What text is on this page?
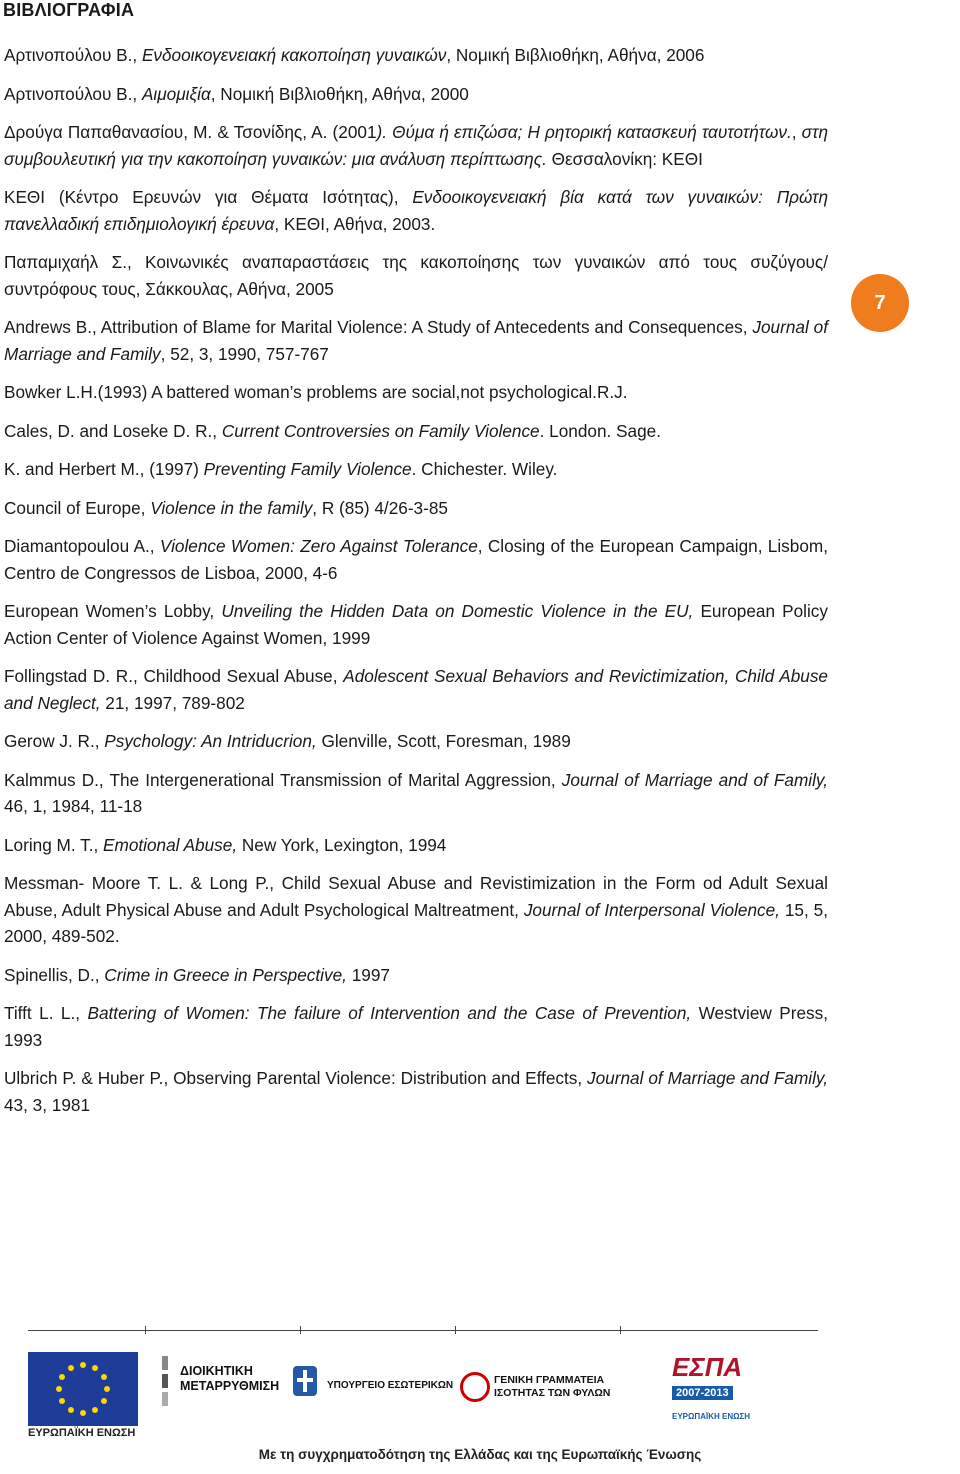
ΒΙΒΛΙΟΓΡΑΦΙΑ
Αρτινοπούλου Β., Ενδοοικογενειακή κακοποίηση γυναικών, Νομική Βιβλιοθήκη, Αθήνα, 2006
Αρτινοπούλου Β., Αιμομιξία, Νομική Βιβλιοθήκη, Αθήνα, 2000
Δρούγα Παπαθανασίου, Μ. & Τσονίδης, Α. (2001). Θύμα ή επιζώσα; Η ρητορική κατασκευή ταυτοτήτων., στη συμβουλευτική για την κακοποίηση γυναικών: μια ανάλυση περίπτωσης. Θεσσαλονίκη: ΚΕΘΙ
ΚΕΘΙ (Κέντρο Ερευνών για Θέματα Ισότητας), Ενδοοικογενειακή βία κατά των γυναικών: Πρώτη πανελλαδική επιδημιολογική έρευνα, ΚΕΘΙ, Αθήνα, 2003.
Παπαμιχαήλ Σ., Κοινωνικές αναπαραστάσεις της κακοποίησης των γυναικών από τους συζύγους/ συντρόφους τους, Σάκκουλας, Αθήνα, 2005
Andrews B., Attribution of Blame for Marital Violence: A Study of Antecedents and Consequences, Journal of Marriage and Family, 52, 3, 1990, 757-767
Bowker L.H.(1993) A battered woman’s problems are social,not psychological.R.J.
Cales, D. and Loseke D. R., Current Controversies on Family Violence. London. Sage.
K. and Herbert M., (1997) Preventing Family Violence. Chichester. Wiley.
Council of Europe, Violence in the family, R (85) 4/26-3-85
Diamantopoulou A., Violence Women: Zero Against Tolerance, Closing of the European Campaign, Lisbom, Centro de Congressos de Lisboa, 2000, 4-6
European Women’s Lobby, Unveiling the Hidden Data on Domestic Violence in the EU, European Policy Action Center of Violence Against Women, 1999
Follingstad D. R., Childhood Sexual Abuse, Adolescent Sexual Behaviors and Revictimization, Child Abuse and Neglect, 21, 1997, 789-802
Gerow J. R., Psychology: An Intriducrion, Glenville, Scott, Foresman, 1989
Kalmmus D., The Intergenerational Transmission of Marital Aggression, Journal of Marriage and of Family, 46, 1, 1984, 11-18
Loring M. T., Emotional Abuse, New York, Lexington, 1994
Messman- Moore T. L. & Long P., Child Sexual Abuse and Revistimization in the Form od Adult Sexual Abuse, Adult Physical Abuse and Adult Psychological Maltreatment, Journal of Interpersonal Violence, 15, 5, 2000, 489-502.
Spinellis, D., Crime in Greece in Perspective, 1997
Tifft L. L., Battering of Women: The failure of Intervention and the Case of Prevention, Westview Press, 1993
Ulbrich P. & Huber P., Observing Parental Violence: Distribution and Effects, Journal of Marriage and Family, 43, 3, 1981
7
ΕΥΡΩΠΑΪΚΗ ΕΝΩΣΗ
ΔΙΟΙΚΗΤΙΚΗ
ΜΕΤΑΡΡΥΘΜΙΣΗ	ΥΠΟΥΡΓΕΙΟ ΕΣΩΤΕΡΙΚΩΝ	ΓΕΝΙΚΗ ΓΡΑΜΜΑΤΕΙΑ
ΙΣΟΤΗΤΑΣ ΤΩΝ ΦΥΛΩΝ
ΕΣΠΑ
2007-2013
ΕΥΡΩΠΑΪΚΗ ΕΝΩΣΗ
Με τη συγχρηματοδότηση της Ελλάδας και της Ευρωπαϊκής Ένωσης
